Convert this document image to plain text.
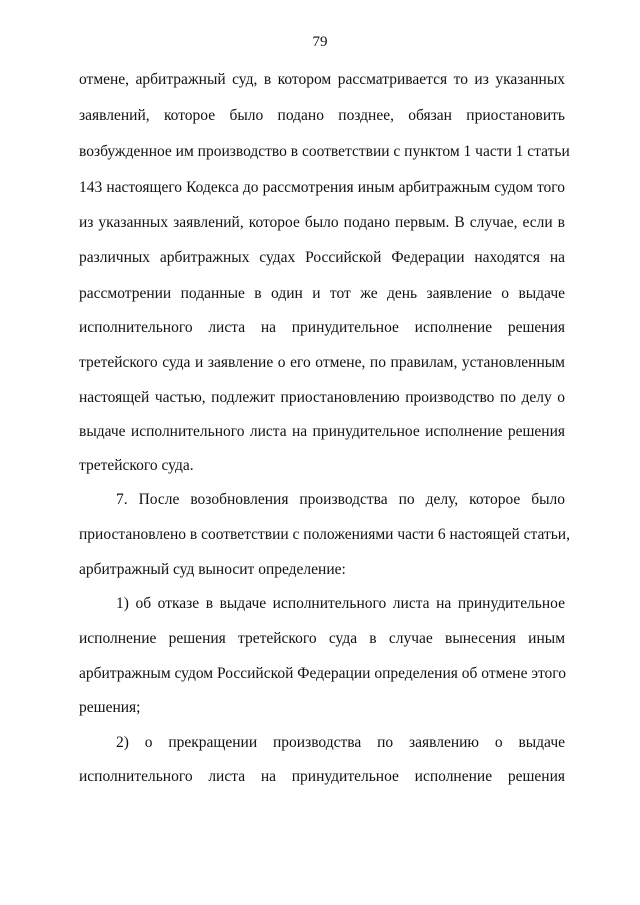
79
отмене, арбитражный суд, в котором рассматривается то из указанных
заявлений, которое было подано позднее, обязан приостановить
возбужденное им производство в соответствии с пунктом 1 части 1 статьи
143 настоящего Кодекса до рассмотрения иным арбитражным судом того
из указанных заявлений, которое было подано первым. В случае, если в
различных арбитражных судах Российской Федерации находятся на
рассмотрении поданные в один и тот же день заявление о выдаче
исполнительного листа на принудительное исполнение решения
третейского суда и заявление о его отмене, по правилам, установленным
настоящей частью, подлежит приостановлению производство по делу о
выдаче исполнительного листа на принудительное исполнение решения
третейского суда.
7. После возобновления производства по делу, которое было
приостановлено в соответствии с положениями части 6 настоящей статьи,
арбитражный суд выносит определение:
1) об отказе в выдаче исполнительного листа на принудительное
исполнение решения третейского суда в случае вынесения иным
арбитражным судом Российской Федерации определения об отмене этого
решения;
2) о прекращении производства по заявлению о выдаче
исполнительного листа на принудительное исполнение решения
